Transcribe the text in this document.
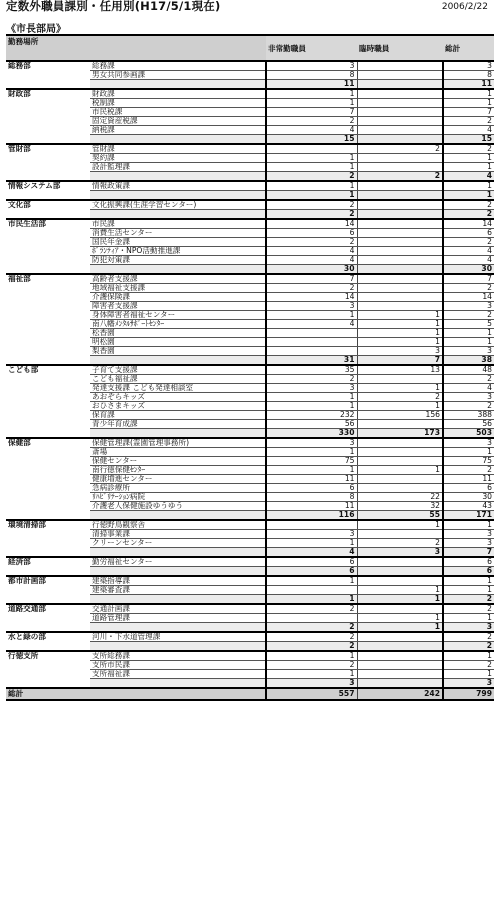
定数外職員課別・任用別(H17/5/1現在)	2006/2/22
《市長部局》
勤務場所		非常勤職員	臨時職員	総計
総務部	総務課	3		3
	男女共同参画課	8		8
		11		11
財政部	財政課	1		1
	税制課	1		1
	市民税課	7		7
	固定資産税課	2		2
	納税課	4		4
		15		15
管財部	管財課		2	2
	契約課	1		1
	設計監理課	1		1
		2	2	4
情報システム部	情報政策課	1		1
		1		1
文化部	文化振興課(生涯学習センター)	2		2
		2		2
市民生活部	市民課	14		14
	消費生活センター	6		6
	国民年金課	2		2
	ﾎﾞﾗﾝﾃｨｱ・NPO活動推進課	4		4
	防犯対策課	4		4
		30		30
福祉部	高齢者支援課	7		7
	地域福祉支援課	2		2
	介護保険課	14		14
	障害者支援課	3		3
	身体障害者福祉センター	1	1	2
	南八幡ﾒﾝﾀﾙｻﾎﾟｰﾄｾﾝﾀｰ	4	1	5
	松香園		1	1
	明松園		1	1
	梨香園		3	3
		31	7	38
こども部	子育て支援課	35	13	48
	こども福祉課	2		2
	発達支援課 こども発達相談室	3	1	4
	あおぞらキッズ	1	2	3
	おひさまキッズ	1	1	2
	保育課	232	156	388
	青少年育成課	56		56
		330	173	503
保健部	保健管理課(霊園管理事務所)	3		3
	斎場	1		1
	保健センター	75		75
	南行徳保健ｾﾝﾀｰ	1	1	2
	健康増進センター	11		11
	急病診療所	6		6
	ﾘﾊﾋﾞﾘﾃｰｼｮﾝ病院	8	22	30
	介護老人保健施設ゆうゆう	11	32	43
		116	55	171
環境清掃部	行徳野鳥観察舎		1	1
	清掃事業課	3		3
	クリーンセンター	1	2	3
		4	3	7
経済部	勤労福祉センター	6		6
		6		6
都市計画部	建築指導課	1		1
	建築審査課		1	1
		1	1	2
道路交通部	交通計画課	2		2
	道路管理課		1	1
		2	1	3
水と緑の部	河川・下水道管理課	2		2
		2		2
行徳支所	支所総務課	1		1
	支所市民課	2		2
	支所福祉課	1		1
		3		3
総計		557	242	799
